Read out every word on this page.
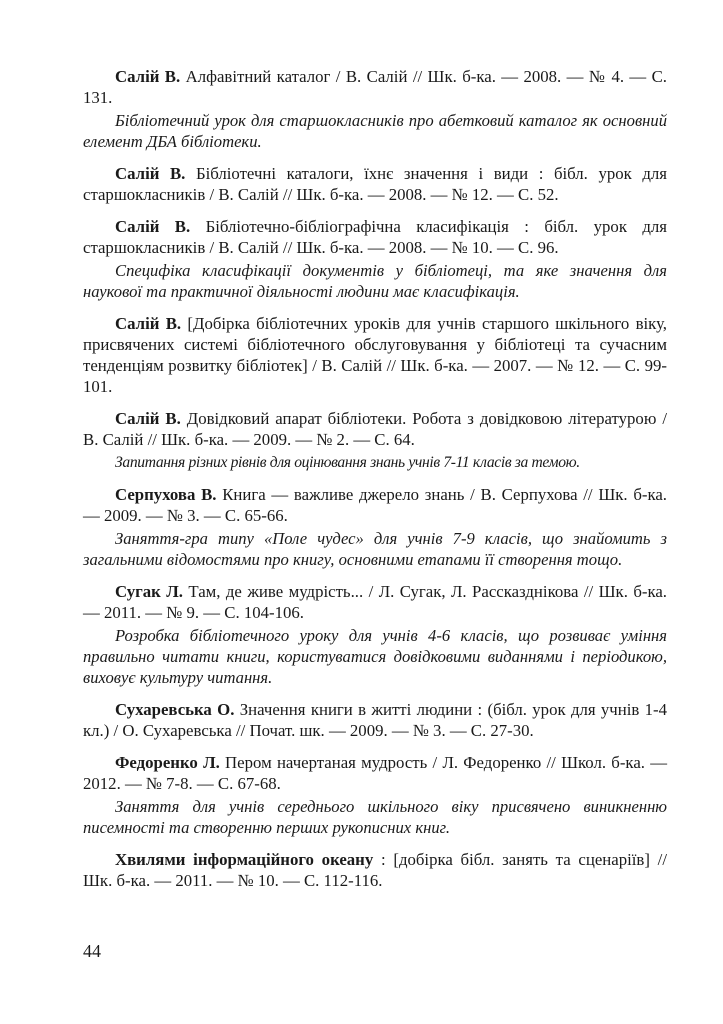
Салій В. Алфавітний каталог / В. Салій // Шк. б-ка. — 2008. — № 4. — С. 131.

Бібліотечний урок для старшокласників про абетковий каталог як основний елемент ДБА бібліотеки.

Салій В. Бібліотечні каталоги, їхнє значення і види : бібл. урок для старшокласників / В. Салій // Шк. б-ка. — 2008. — № 12. — С. 52.

Салій В. Бібліотечно-бібліографічна класифікація : бібл. урок для старшокласників / В. Салій // Шк. б-ка. — 2008. — № 10. — С. 96.

Специфіка класифікації документів у бібліотеці, та яке значення для наукової та практичної діяльності людини має класифікація.

Салій В. [Добірка бібліотечних уроків для учнів старшого шкільного віку, присвячених системі бібліотечного обслуговування у бібліотеці та сучасним тенденціям розвитку бібліотек] / В. Салій // Шк. б-ка. — 2007. — № 12. — С. 99-101.

Салій В. Довідковий апарат бібліотеки. Робота з довідковою літературою / В. Салій // Шк. б-ка. — 2009. — № 2. — С. 64.

Запитання різних рівнів для оцінювання знань учнів 7-11 класів за темою.

Серпухова В. Книга — важливе джерело знань / В. Серпухова // Шк. б-ка. — 2009. — № 3. — С. 65-66.

Заняття-гра типу «Поле чудес» для учнів 7-9 класів, що знайомить з загальними відомостями про книгу, основними етапами її створення тощо.

Сугак Л. Там, де живе мудрість... / Л. Сугак, Л. Рассказднікова // Шк. б-ка. — 2011. — № 9. — С. 104-106.

Розробка бібліотечного уроку для учнів 4-6 класів, що розвиває уміння правильно читати книги, користуватися довідковими виданнями і періодикою, виховує культуру читання.

Сухаревська О. Значення книги в житті людини : (бібл. урок для учнів 1-4 кл.) / О. Сухаревська // Почат. шк. — 2009. — № 3. — С. 27-30.

Федоренко Л. Пером начертаная мудрость / Л. Федоренко // Школ. б-ка. — 2012. — № 7-8. — С. 67-68.

Заняття для учнів середнього шкільного віку присвячено виникненню писемності та створенню перших рукописних книг.

Хвилями інформаційного океану : [добірка бібл. занять та сценаріїв] // Шк. б-ка. — 2011. — № 10. — С. 112-116.

44
